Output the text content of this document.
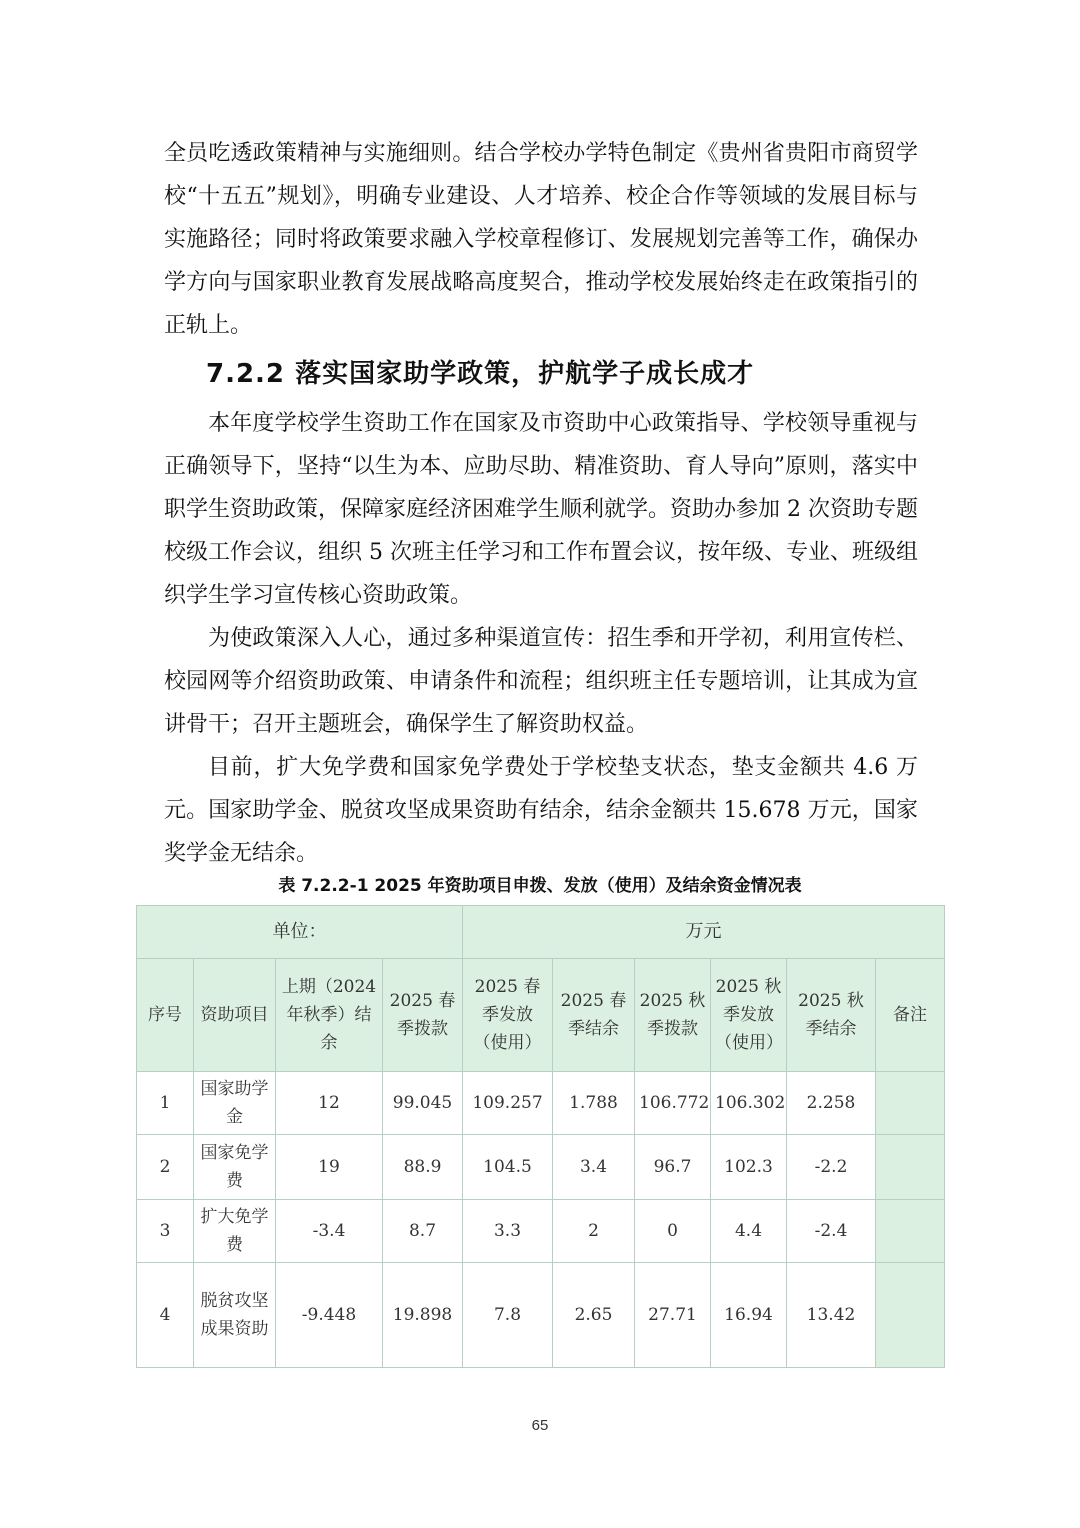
全员吃透政策精神与实施细则。结合学校办学特色制定《贵州省贵阳市商贸学校“十五五”规划》，明确专业建设、人才培养、校企合作等领域的发展目标与实施路径；同时将政策要求融入学校章程修订、发展规划完善等工作，确保办学方向与国家职业教育发展战略高度契合，推动学校发展始终走在政策指引的正轨上。

7.2.2 落实国家助学政策，护航学子成长成才

本年度学校学生资助工作在国家及市资助中心政策指导、学校领导重视与正确领导下，坚持“以生为本、应助尽助、精准资助、育人导向”原则，落实中职学生资助政策，保障家庭经济困难学生顺利就学。资助办参加 2 次资助专题校级工作会议，组织 5 次班主任学习和工作布置会议，按年级、专业、班级组织学生学习宣传核心资助政策。

为使政策深入人心，通过多种渠道宣传：招生季和开学初，利用宣传栏、校园网等介绍资助政策、申请条件和流程；组织班主任专题培训，让其成为宣讲骨干；召开主题班会，确保学生了解资助权益。

目前，扩大免学费和国家免学费处于学校垫支状态，垫支金额共 4.6 万元。国家助学金、脱贫攻坚成果资助有结余，结余金额共 15.678 万元，国家奖学金无结余。

表 7.2.2-1 2025 年资助项目申拨、发放（使用）及结余资金情况表

单位：				万元					
序号	资助项目	上期（2024 年秋季）结余	2025 春季拨款	2025 春季发放（使用）	2025 春季结余	2025 秋季拨款	2025 秋季发放（使用）	2025 秋季结余	备注
1	国家助学金	12	99.045	109.257	1.788	106.772	106.302	2.258	
2	国家免学费	19	88.9	104.5	3.4	96.7	102.3	-2.2	
3	扩大免学费	-3.4	8.7	3.3	2	0	4.4	-2.4	
4	脱贫攻坚成果资助	-9.448	19.898	7.8	2.65	27.71	16.94	13.42	

65
